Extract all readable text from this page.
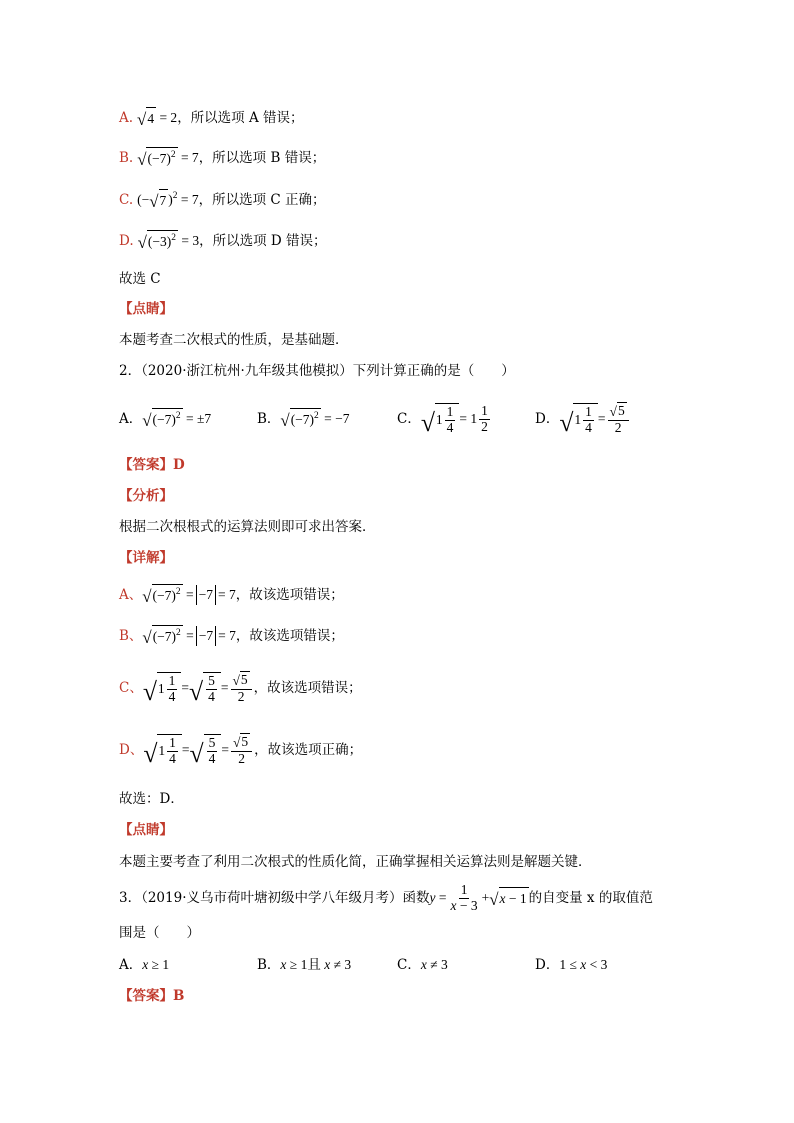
A. √ 4 = 2 ，所以选项 A 错误；
B. √ $(-7)^2 = 7$ ，所以选项 B 错误；
C. (− √ 7 )$^2$ = 7 ，所以选项 C 正确；
D. √ $(-3)^2 = 3$ ，所以选项 D 错误；
故选 C
【点睛】
本题考查二次根式的性质，是基础题．
2．（2020·浙江杭州·九年级其他模拟）下列计算正确的是（　　）
A． √ $(-7)^2 = \pm 7$	B． √ $(-7)^2 = -7$	C． √ $1 \frac{1}{4} = 1 \frac{1}{2}$	D． √ $1 \frac{1}{4} = \frac{√ 5}{2}$
【答案】D
【分析】
根据二次根根式的运算法则即可求出答案．
【详解】
A、 √ $(-7)^2 = -7 = 7$ ，故该选项错误；
B、 √ $(-7)^2 = -7 = 7$ ，故该选项错误；
C、 √ $1 \frac{1}{4}$ = √ $\frac{5}{4} = \frac{√ 5}{2}$ ，故该选项错误；
D、 √ $1 \frac{1}{4}$ = √ $\frac{5}{4} = \frac{√ 5}{2}$ ，故该选项正确；
故选：D．
【点睛】
本题主要考查了利用二次根式的性质化简，正确掌握相关运算法则是解题关键．
3．（2019·义乌市荷叶塘初级中学八年级月考）函数 $y = \frac{1}{x - 3}$ + √ x − 1 的自变量 x 的取值范
围是（　　）
A． x ≥ 1	B． x ≥ 1且 x ≠ 3	C． x ≠ 3	D． 1 ≤ x < 3
【答案】B
